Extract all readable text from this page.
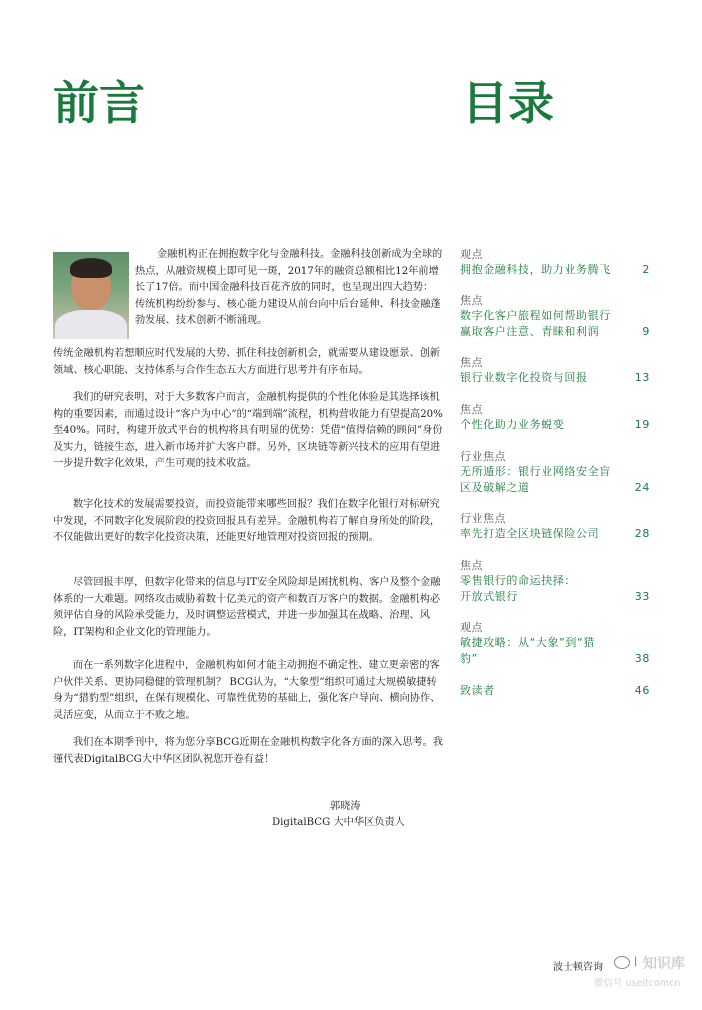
前言	目录
金融机构正在拥抱数字化与金融科技。金融科技创新成为全球的热点，从融资规模上即可见一斑，2017年的融资总额相比12年前增长了17倍。而中国金融科技百花齐放的同时，也呈现出四大趋势：传统机构纷纷参与、核心能力建设从前台向中后台延伸、科技金融蓬勃发展、技术创新不断涌现。
传统金融机构若想顺应时代发展的大势、抓住科技创新机会，就需要从建设愿景、创新领域、核心职能、支持体系与合作生态五大方面进行思考并有序布局。
我们的研究表明，对于大多数客户而言，金融机构提供的个性化体验是其选择该机构的重要因素，而通过设计“客户为中心”的“端到端”流程，机构营收能力有望提高20%至40%。同时，构建开放式平台的机构将具有明显的优势：凭借“值得信赖的顾问”身份及实力，链接生态，进入新市场并扩大客户群。另外，区块链等新兴技术的应用有望进一步提升数字化效果，产生可观的技术收益。
数字化技术的发展需要投资，而投资能带来哪些回报？我们在数字化银行对标研究中发现，不同数字化发展阶段的投资回报具有差异。金融机构若了解自身所处的阶段，不仅能做出更好的数字化投资决策，还能更好地管理对投资回报的预期。
尽管回报丰厚，但数字化带来的信息与IT安全风险却是困扰机构、客户及整个金融体系的一大难题。网络攻击威胁着数十亿美元的资产和数百万客户的数据。金融机构必须评估自身的风险承受能力，及时调整运营模式，并进一步加强其在战略、治理、风险，IT架构和企业文化的管理能力。
而在一系列数字化进程中，金融机构如何才能主动拥抱不确定性、建立更亲密的客户伙伴关系、更协同稳健的管理机制？ BCG认为，“大象型”组织可通过大规模敏捷转身为“猎豹型”组织，在保有规模化、可靠性优势的基础上，强化客户导向、横向协作、灵活应变，从而立于不败之地。
我们在本期季刊中，将为您分享BCG近期在金融机构数字化各方面的深入思考。我谨代表DigitalBCG大中华区团队祝您开卷有益！
郭晓涛
DigitalBCG 大中华区负责人
观点
拥抱金融科技，助力业务腾飞	2
焦点
数字化客户旅程如何帮助银行
赢取客户注意、青睐和利润	9
焦点
银行业数字化投资与回报	13
焦点
个性化助力业务蜕变	19
行业焦点
无所遁形：银行业网络安全盲
区及破解之道	24
行业焦点
率先打造全区块链保险公司	28
焦点
零售银行的命运抉择：
开放式银行	33
观点
敏捷攻略：从“大象”到“猎
豹”	38
致读者	46
波士顿咨询
| 知识库
微信号 useitcomcn
